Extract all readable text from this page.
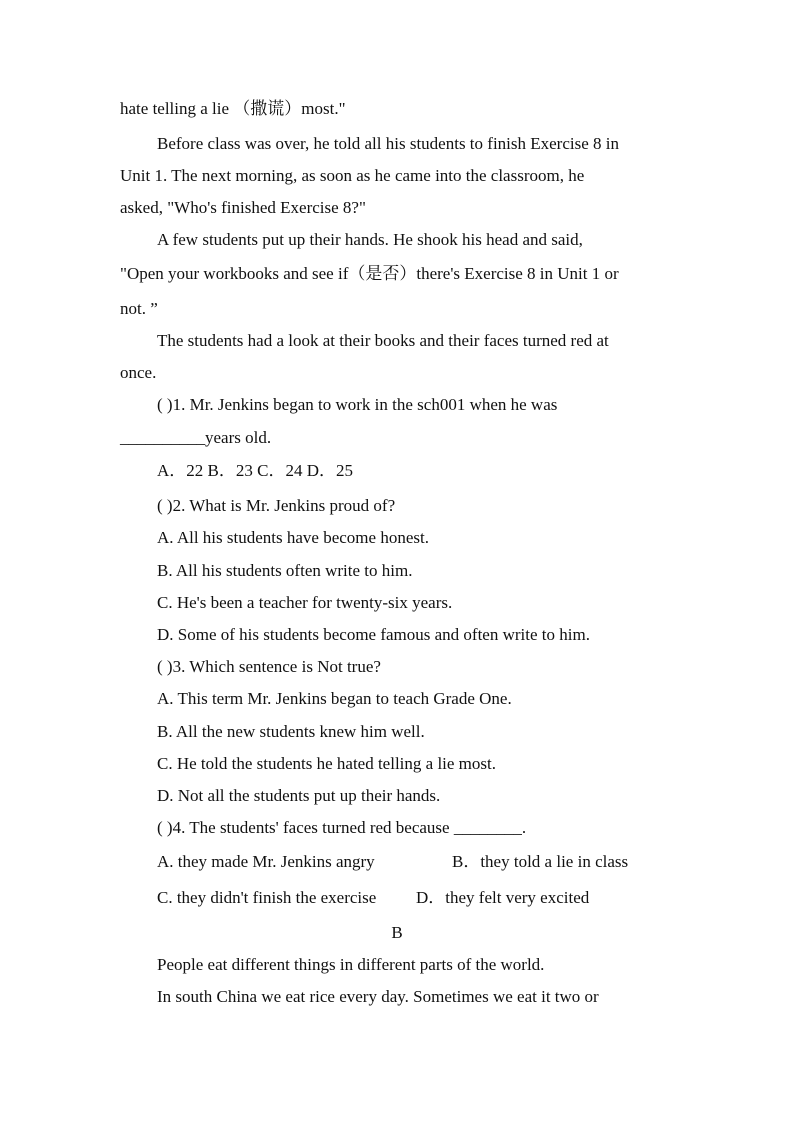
hate telling a lie （撒谎）most."
Before class was over, he told all his students to finish Exercise 8 in
Unit 1. The next morning, as soon as he came into the classroom, he
asked, "Who's finished Exercise 8?"
A few students put up their hands. He shook his head and said,
"Open your workbooks and see if（是否）there's Exercise 8 in Unit 1 or
not. ”
The students had a look at their books and their faces turned red at
once.
( )1. Mr. Jenkins began to work in the sch001 when he was
__________years old.
A．22 B．23 C．24 D．25
( )2. What is Mr. Jenkins proud of?
A. All his students have become honest.
B. All his students often write to him.
C. He's been a teacher for twenty-six years.
D. Some of his students become famous and often write to him.
( )3. Which sentence is Not true?
A. This term Mr. Jenkins began to teach Grade One.
B. All the new students knew him well.
C. He told the students he hated telling a lie most.
D. Not all the students put up their hands.
( )4. The students' faces turned red because ________.
A. they made Mr. Jenkins angry	B．they told a lie in class
C. they didn't finish the exercise D．they felt very excited
B
People eat different things in different parts of the world.
In south China we eat rice every day. Sometimes we eat it two or
